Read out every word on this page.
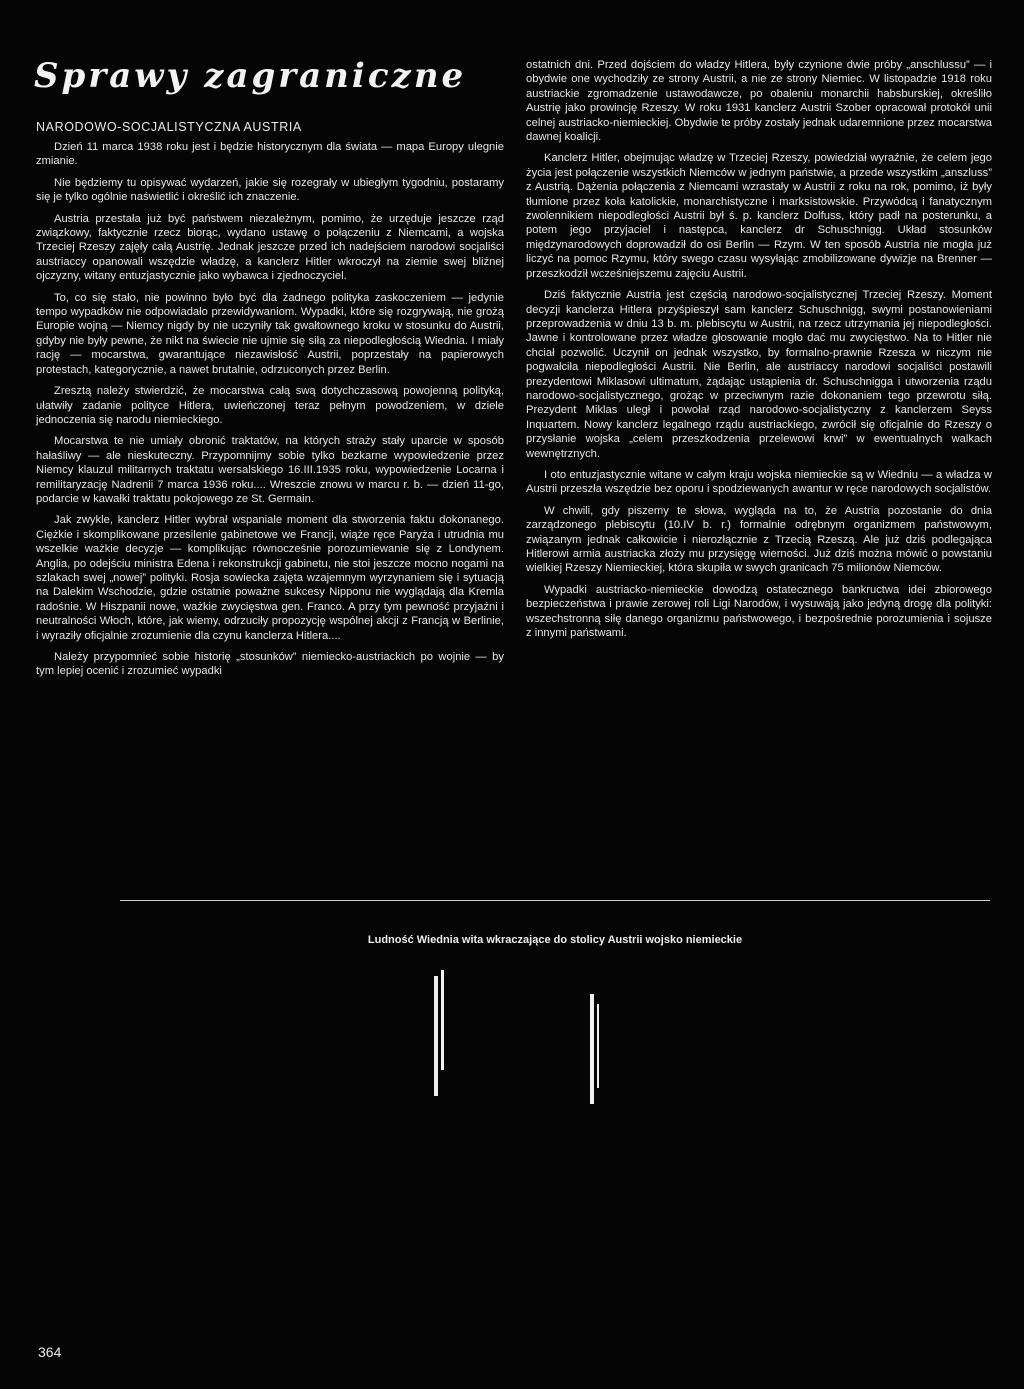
Sprawy zagraniczne
NARODOWO-SOCJALISTYCZNA AUSTRIA

Dzień 11 marca 1938 roku jest i będzie historycznym dla świata — mapa Europy ulegnie zmianie.

Nie będziemy tu opisywać wydarzeń, jakie się rozegrały w ubiegłym tygodniu, postaramy się je tylko ogólnie naświetlić i określić ich znaczenie.

Austria przestała już być państwem niezależnym, pomimo, że urzęduje jeszcze rząd związkowy, faktycznie rzecz biorąc, wydano ustawę o połączeniu z Niemcami, a wojska Trzeciej Rzeszy zajęły całą Austrię. Jednak jeszcze przed ich nadejściem narodowi socjaliści austriaccy opanowali wszędzie władzę, a kanclerz Hitler wkroczył na ziemie swej bliźnej ojczyzny, witany entuzjastycznie jako wybawca i zjednoczyciel.

To, co się stało, nie powinno było być dla żadnego polityka zaskoczeniem — jedynie tempo wypadków nie odpowiadało przewidywaniom. Wypadki, które się rozgrywają, nie grożą Europie wojną — Niemcy nigdy by nie uczyniły tak gwałtownego kroku w stosunku do Austrii, gdyby nie były pewne, że nikt na świecie nie ujmie się siłą za niepodległością Wiednia. I miały rację — mocarstwa, gwarantujące niezawisłość Austrii, poprzestały na papierowych protestach, kategorycznie, a nawet brutalnie, odrzuconych przez Berlin.

Zresztą należy stwierdzić, że mocarstwa całą swą dotychczasową powojenną polityką, ułatwiły zadanie polityce Hitlera, uwieńczonej teraz pełnym powodzeniem, w dziele jednoczenia się narodu niemieckiego.

Mocarstwa te nie umiały obronić traktatów, na których straży stały uparcie w sposób hałaśliwy — ale nieskuteczny. Przypomnijmy sobie tylko bezkarne wypowiedzenie przez Niemcy klauzul militarnych traktatu wersalskiego 16.III.1935 roku, wypowiedzenie Locarna i remilitaryzację Nadrenii 7 marca 1936 roku.... Wreszcie znowu w marcu r. b. — dzień 11-go, podarcie w kawałki traktatu pokojowego ze St. Germain.

Jak zwykle, kanclerz Hitler wybrał wspaniale moment dla stworzenia faktu dokonanego. Ciężkie i skomplikowane przesilenie gabinetowe we Francji, wiąże ręce Paryża i utrudnia mu wszelkie ważkie decyzje — komplikując równocześnie porozumiewanie się z Londynem. Anglia, po odejściu ministra Edena i rekonstrukcji gabinetu, nie stoi jeszcze mocno nogami na szlakach swej „nowej” polityki. Rosja sowiecka zajęta wzajemnym wyrzynaniem się i sytuacją na Dalekim Wschodzie, gdzie ostatnie poważne sukcesy Nipponu nie wyglądają dla Kremla radośnie. W Hiszpanii nowe, ważkie zwycięstwa gen. Franco. A przy tym pewność przyjaźni i neutralności Włoch, które, jak wiemy, odrzuciły propozycję wspólnej akcji z Francją w Berlinie, i wyraziły oficjalnie zrozumienie dla czynu kanclerza Hitlera....

Należy przypomnieć sobie historię „stosunków” niemiecko-austriackich po wojnie — by tym lepiej ocenić i zrozumieć wypadki

ostatnich dni. Przed dojściem do władzy Hitlera, były czynione dwie próby „anschlussu” — i obydwie one wychodziły ze strony Austrii, a nie ze strony Niemiec. W listopadzie 1918 roku austriackie zgromadzenie ustawodawcze, po obaleniu monarchii habsburskiej, określiło Austrię jako prowincję Rzeszy. W roku 1931 kanclerz Austrii Szober opracował protokół unii celnej austriacko-niemieckiej. Obydwie te próby zostały jednak udaremnione przez mocarstwa dawnej koalicji.

Kanclerz Hitler, obejmując władzę w Trzeciej Rzeszy, powiedział wyraźnie, że celem jego życia jest połączenie wszystkich Niemców w jednym państwie, a przede wszystkim „anszluss” z Austrią. Dążenia połączenia z Niemcami wzrastały w Austrii z roku na rok, pomimo, iż były tłumione przez koła katolickie, monarchistyczne i marksistowskie. Przywódcą i fanatycznym zwolennikiem niepodległości Austrii był ś. p. kanclerz Dolfuss, który padł na posterunku, a potem jego przyjaciel i następca, kanclerz dr Schuschnigg. Układ stosunków międzynarodowych doprowadził do osi Berlin — Rzym. W ten sposób Austria nie mogła już liczyć na pomoc Rzymu, który swego czasu wysyłając zmobilizowane dywizje na Brenner — przeszkodził wcześniejszemu zajęciu Austrii.

Dziś faktycznie Austria jest częścią narodowo-socjalistycznej Trzeciej Rzeszy. Moment decyzji kanclerza Hitlera przyśpieszył sam kanclerz Schuschnigg, swymi postanowieniami przeprowadzenia w dniu 13 b. m. plebiscytu w Austrii, na rzecz utrzymania jej niepodległości. Jawne i kontrolowane przez władze głosowanie mogło dać mu zwycięstwo. Na to Hitler nie chciał pozwolić. Uczynił on jednak wszystko, by formalno-prawnie Rzesza w niczym nie pogwałciła niepodległości Austrii. Nie Berlin, ale austriaccy narodowi socjaliści postawili prezydentowi Miklasowi ultimatum, żądając ustąpienia dr. Schuschnigga i utworzenia rządu narodowo-socjalistycznego, grożąc w przeciwnym razie dokonaniem tego przewrotu siłą. Prezydent Miklas uległ i powołał rząd narodowo-socjalistyczny z kanclerzem Seyss Inquartem. Nowy kanclerz legalnego rządu austriackiego, zwrócił się oficjalnie do Rzeszy o przysłanie wojska „celem przeszkodzenia przelewowi krwi” w ewentualnych walkach wewnętrznych.

I oto entuzjastycznie witane w całym kraju wojska niemieckie są w Wiedniu — a władza w Austrii przeszła wszędzie bez oporu i spodziewanych awantur w ręce narodowych socjalistów.

W chwili, gdy piszemy te słowa, wygląda na to, że Austria pozostanie do dnia zarządzonego plebiscytu (10.IV b. r.) formalnie odrębnym organizmem państwowym, związanym jednak całkowicie i nierozłącznie z Trzecią Rzeszą. Ale już dziś podlegająca Hitlerowi armia austriacka złoży mu przysięgę wierności. Już dziś można mówić o powstaniu wielkiej Rzeszy Niemieckiej, która skupiła w swych granicach 75 milionów Niemców.

Wypadki austriacko-niemieckie dowodzą ostatecznego bankructwa idei zbiorowego bezpieczeństwa i prawie zerowej roli Ligi Narodów, i wysuwają jako jedyną drogę dla polityki: wszechstronną siłę danego organizmu państwowego, i bezpośrednie porozumienia i sojusze z innymi państwami.

Ludność Wiednia wita wkraczające do stolicy Austrii wojsko niemieckie
364
